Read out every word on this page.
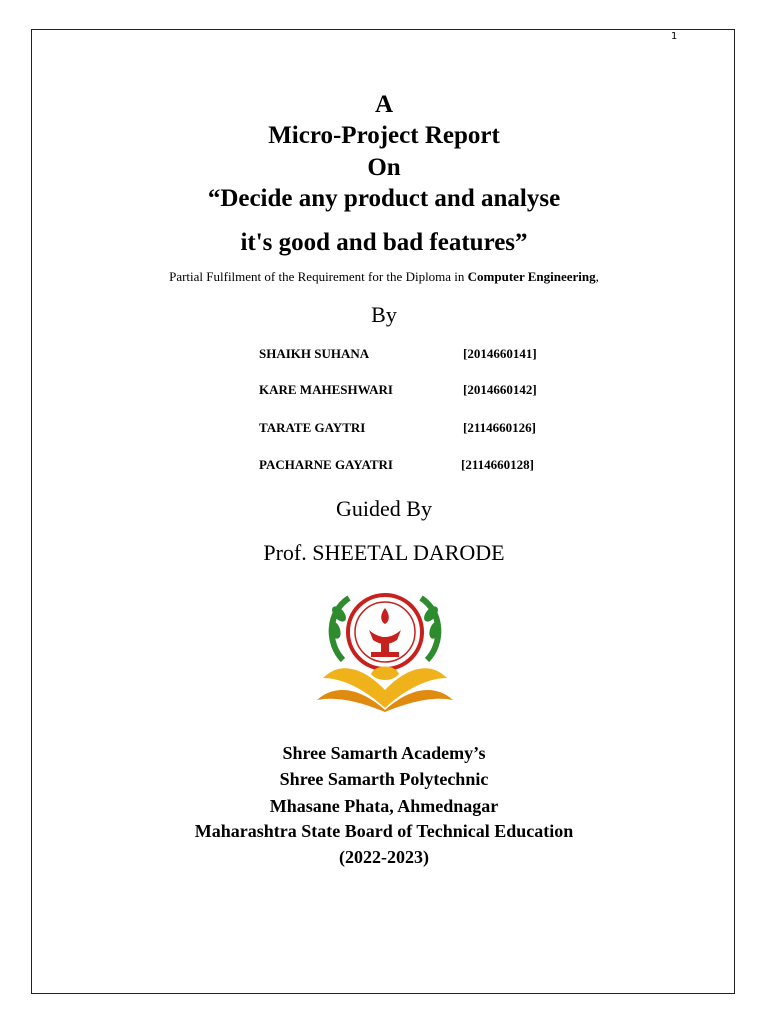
1
A
Micro-Project Report
On
“Decide any product and analyse
it's good and bad features”
Partial Fulfilment of the Requirement for the Diploma in Computer Engineering,
By
SHAIKH SUHANA	[2014660141]
KARE MAHESHWARI	[2014660142]
TARATE GAYTRI	[2114660126]
PACHARNE GAYATRI	[2114660128]
Guided By
Prof. SHEETAL DARODE
Shree Samarth Academy’s
Shree Samarth Polytechnic
Mhasane Phata, Ahmednagar
Maharashtra State Board of Technical Education
(2022-2023)
